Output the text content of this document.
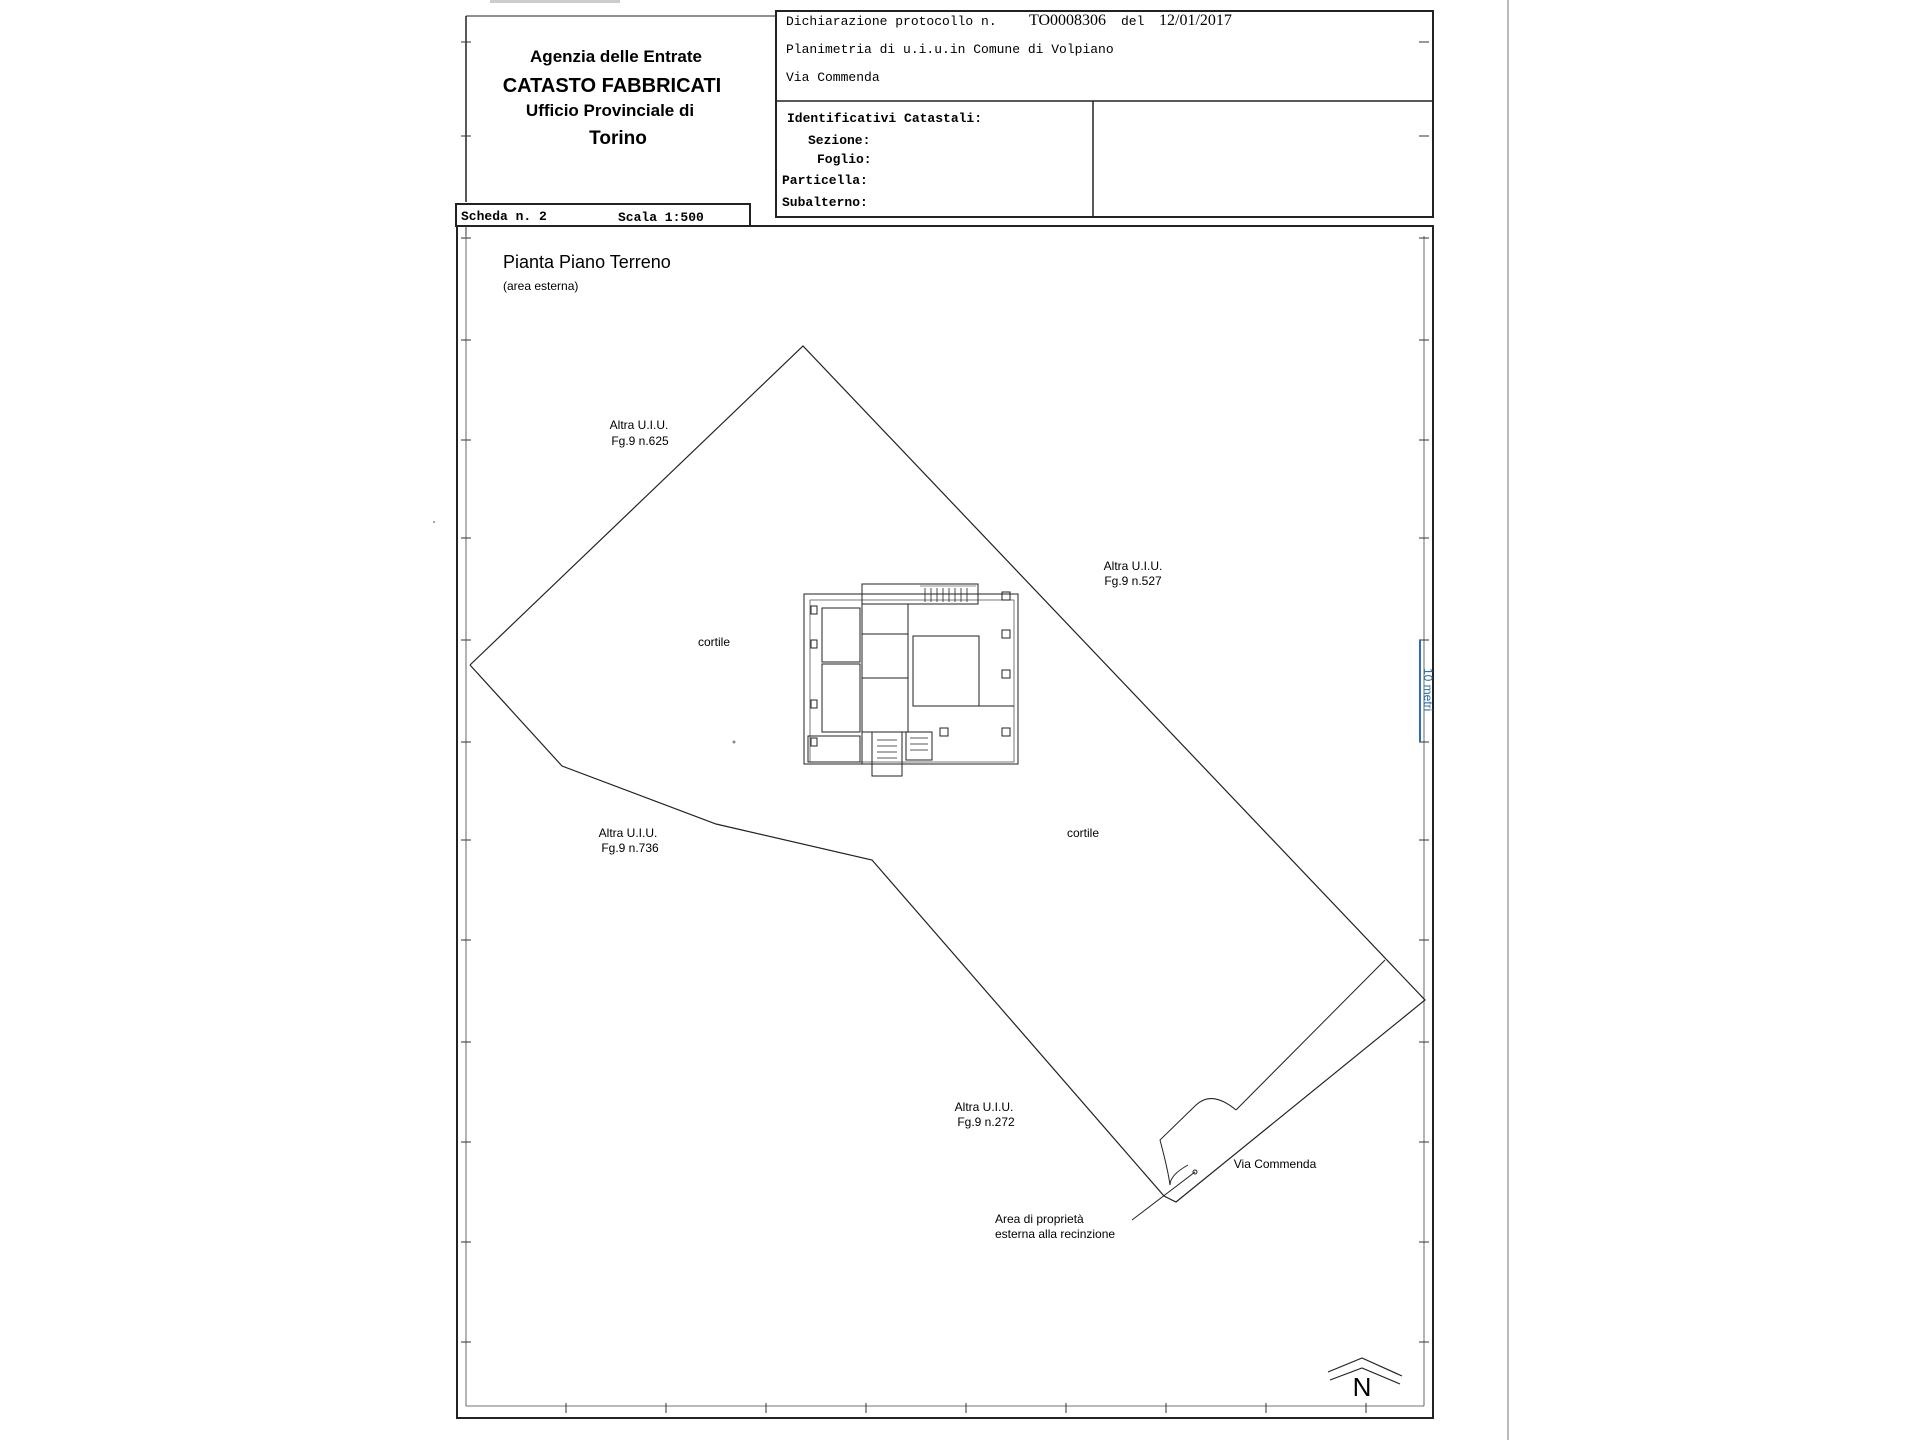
Agenzia delle Entrate
CATASTO FABBRICATI
Ufficio Provinciale di
Torino
Dichiarazione protocollo n. TO0008306 del 12/01/2017
Planimetria di u.i.u.in Comune di Volpiano
Via Commenda
Identificativi Catastali:
Sezione:
Foglio:
Particella:
Subalterno:
Scheda n. 2	Scala 1:500
Pianta Piano Terreno
(area esterna)
10 metri
Altra U.I.U.
Fg.9 n.625
Altra U.I.U.
Fg.9 n.527
Altra U.I.U.
Fg.9 n.736
Altra U.I.U.
Fg.9 n.272
cortile
cortile
Via Commenda
Area di proprietà
esterna alla recinzione
N
